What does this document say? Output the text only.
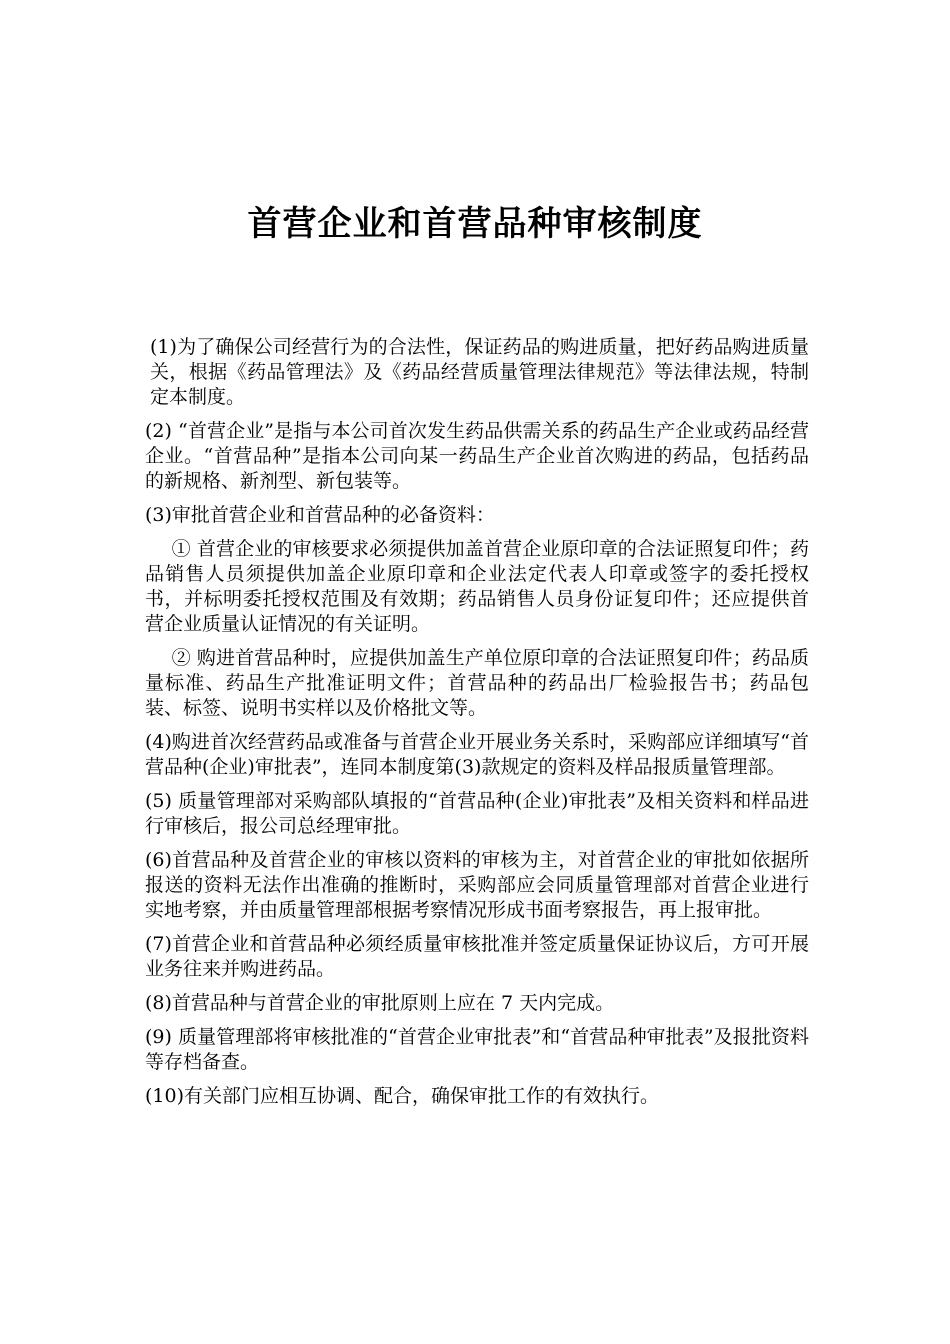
首营企业和首营品种审核制度

(1)为了确保公司经营行为的合法性，保证药品的购进质量，把好药品购进质量关，根据《药品管理法》及《药品经营质量管理法律规范》等法律法规，特制定本制度。

(2) “首营企业”是指与本公司首次发生药品供需关系的药品生产企业或药品经营企业。“首营品种”是指本公司向某一药品生产企业首次购进的药品，包括药品的新规格、新剂型、新包装等。

(3)审批首营企业和首营品种的必备资料：

① 首营企业的审核要求必须提供加盖首营企业原印章的合法证照复印件；药品销售人员须提供加盖企业原印章和企业法定代表人印章或签字的委托授权书，并标明委托授权范围及有效期；药品销售人员身份证复印件；还应提供首营企业质量认证情况的有关证明。

② 购进首营品种时，应提供加盖生产单位原印章的合法证照复印件；药品质量标准、药品生产批准证明文件；首营品种的药品出厂检验报告书；药品包装、标签、说明书实样以及价格批文等。

(4)购进首次经营药品或准备与首营企业开展业务关系时，采购部应详细填写“首营品种(企业)审批表”，连同本制度第(3)款规定的资料及样品报质量管理部。

(5) 质量管理部对采购部队填报的“首营品种(企业)审批表”及相关资料和样品进行审核后，报公司总经理审批。

(6)首营品种及首营企业的审核以资料的审核为主，对首营企业的审批如依据所报送的资料无法作出准确的推断时，采购部应会同质量管理部对首营企业进行实地考察，并由质量管理部根据考察情况形成书面考察报告，再上报审批。

(7)首营企业和首营品种必须经质量审核批准并签定质量保证协议后，方可开展业务往来并购进药品。

(8)首营品种与首营企业的审批原则上应在 7 天内完成。

(9) 质量管理部将审核批准的“首营企业审批表”和“首营品种审批表”及报批资料等存档备查。

(10)有关部门应相互协调、配合，确保审批工作的有效执行。
